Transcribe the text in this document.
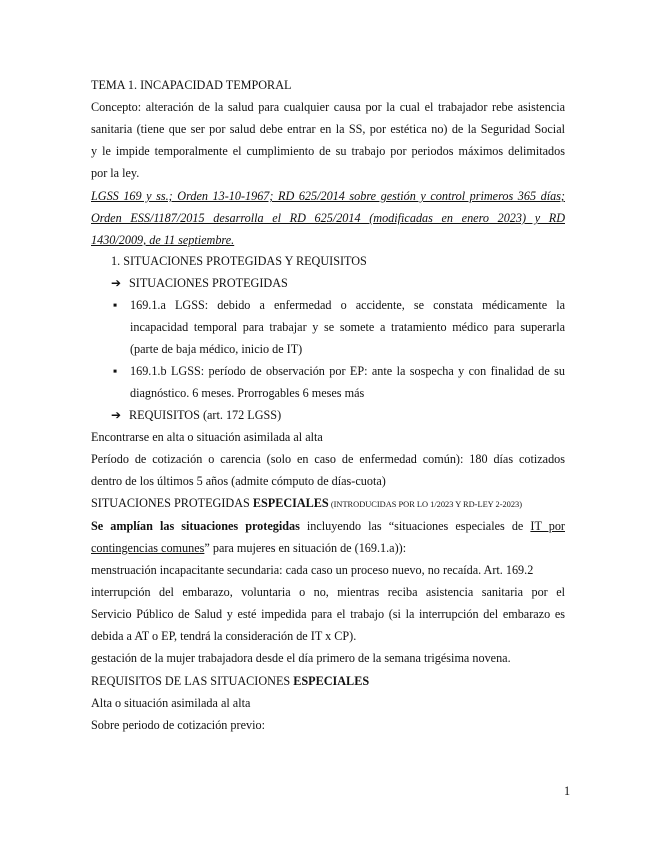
TEMA 1. INCAPACIDAD TEMPORAL
Concepto: alteración de la salud para cualquier causa por la cual el trabajador rebe asistencia
sanitaria (tiene que ser por salud debe entrar en la SS, por estética no) de la Seguridad Social
y le impide temporalmente el cumplimiento de su trabajo por periodos máximos delimitados
por la ley.
LGSS 169 y ss.; Orden 13-10-1967; RD 625/2014 sobre gestión y control primeros 365 días;
Orden ESS/1187/2015 desarrolla el RD 625/2014 (modificadas en enero 2023) y RD
1430/2009, de 11 septiembre.
1. SITUACIONES PROTEGIDAS Y REQUISITOS
➔ SITUACIONES PROTEGIDAS
▪	169.1.a LGSS: debido a enfermedad o accidente, se constata médicamente la
incapacidad temporal para trabajar y se somete a tratamiento médico para superarla
(parte de baja médico, inicio de IT)
▪	169.1.b LGSS: período de observación por EP: ante la sospecha y con finalidad de su
diagnóstico. 6 meses. Prorrogables 6 meses más
➔ REQUISITOS (art. 172 LGSS)
Encontrarse en alta o situación asimilada al alta
Período de cotización o carencia (solo en caso de enfermedad común): 180 días cotizados
dentro de los últimos 5 años (admite cómputo de días-cuota)
SITUACIONES PROTEGIDAS ESPECIALES (INTRODUCIDAS POR LO 1/2023 Y RD-LEY 2-2023)
Se amplían las situaciones protegidas incluyendo las “situaciones especiales de IT por
contingencias comunes” para mujeres en situación de (169.1.a)):
menstruación incapacitante secundaria: cada caso un proceso nuevo, no recaída. Art. 169.2
interrupción del embarazo, voluntaria o no, mientras reciba asistencia sanitaria por el
Servicio Público de Salud y esté impedida para el trabajo (si la interrupción del embarazo es
debida a AT o EP, tendrá la consideración de IT x CP).
gestación de la mujer trabajadora desde el día primero de la semana trigésima novena.
REQUISITOS DE LAS SITUACIONES ESPECIALES
Alta o situación asimilada al alta
Sobre periodo de cotización previo:
1
